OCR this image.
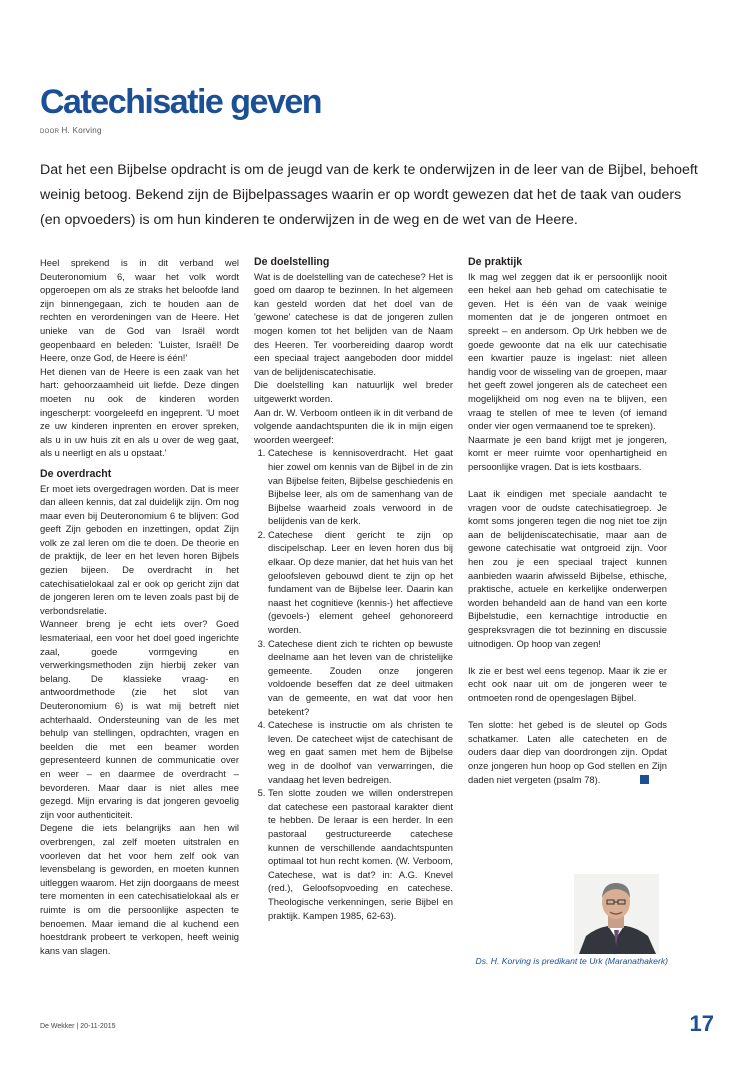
Catechisatie geven
DOOR H. Korving

Dat het een Bijbelse opdracht is om de jeugd van de kerk te onderwijzen in de leer van de Bijbel, behoeft weinig betoog. Bekend zijn de Bijbelpassages waarin er op wordt gewezen dat het de taak van ouders (en opvoeders) is om hun kinderen te onderwijzen in de weg en de wet van de Heere.

Heel sprekend is in dit verband wel Deuteronomium 6, waar het volk wordt opgeroepen om als ze straks het beloofde land zijn binnengegaan, zich te houden aan de rechten en verordeningen van de Heere. Het unieke van de God van Israël wordt geopenbaard en beleden: 'Luister, Israël! De Heere, onze God, de Heere is één!'

Het dienen van de Heere is een zaak van het hart: gehoorzaamheid uit liefde. Deze dingen moeten nu ook de kinderen worden ingescherpt: voorgeleefd en ingeprent. 'U moet ze uw kinderen inprenten en erover spreken, als u in uw huis zit en als u over de weg gaat, als u neerligt en als u opstaat.'

De overdracht

Er moet iets overgedragen worden. Dat is meer dan alleen kennis, dat zal duidelijk zijn. Om nog maar even bij Deuteronomium 6 te blijven: God geeft Zijn geboden en inzettingen, opdat Zijn volk ze zal leren om die te doen. De theorie en de praktijk, de leer en het leven horen Bijbels gezien bijeen. De overdracht in het catechisatielokaal zal er ook op gericht zijn dat de jongeren leren om te leven zoals past bij de verbondsrelatie.

Wanneer breng je echt iets over? Goed lesmateriaal, een voor het doel goed ingerichte zaal, goede vormgeving en verwerkingsmethoden zijn hierbij zeker van belang. De klassieke vraag- en antwoordmethode (zie het slot van Deuteronomium 6) is wat mij betreft niet achterhaald. Ondersteuning van de les met behulp van stellingen, opdrachten, vragen en beelden die met een beamer worden gepresenteerd kunnen de communicatie over en weer – en daarmee de overdracht – bevorderen. Maar daar is niet alles mee gezegd. Mijn ervaring is dat jongeren gevoelig zijn voor authenticiteit.

Degene die iets belangrijks aan hen wil overbrengen, zal zelf moeten uitstralen en voorleven dat het voor hem zelf ook van levensbelang is geworden, en moeten kunnen uitleggen waarom. Het zijn doorgaans de meest tere momenten in een catechisatielokaal als er ruimte is om die persoonlijke aspecten te benoemen. Maar iemand die al kuchend een hoestdrank probeert te verkopen, heeft weinig kans van slagen.

De doelstelling

Wat is de doelstelling van de catechese? Het is goed om daarop te bezinnen. In het algemeen kan gesteld worden dat het doel van de 'gewone' catechese is dat de jongeren zullen mogen komen tot het belijden van de Naam des Heeren. Ter voorbereiding daarop wordt een speciaal traject aangeboden door middel van de belijdeniscatechisatie.

Die doelstelling kan natuurlijk wel breder uitgewerkt worden.

Aan dr. W. Verboom ontleen ik in dit verband de volgende aandachtspunten die ik in mijn eigen woorden weergeef:

1. Catechese is kennisoverdracht. Het gaat hier zowel om kennis van de Bijbel in de zin van Bijbelse feiten, Bijbelse geschiedenis en Bijbelse leer, als om de samenhang van de Bijbelse waarheid zoals verwoord in de belijdenis van de kerk.
2. Catechese dient gericht te zijn op discipelschap. Leer en leven horen dus bij elkaar. Op deze manier, dat het huis van het geloofsleven gebouwd dient te zijn op het fundament van de Bijbelse leer. Daarin kan naast het cognitieve (kennis-) het affectieve (gevoels-) element geheel gehonoreerd worden.
3. Catechese dient zich te richten op bewuste deelname aan het leven van de christelijke gemeente. Zouden onze jongeren voldoende beseffen dat ze deel uitmaken van de gemeente, en wat dat voor hen betekent?
4. Catechese is instructie om als christen te leven. De catecheet wijst de catechisant de weg en gaat samen met hem de Bijbelse weg in de doolhof van verwarringen, die vandaag het leven bedreigen.
5. Ten slotte zouden we willen onderstrepen dat catechese een pastoraal karakter dient te hebben. De leraar is een herder. In een pastoraal gestructureerde catechese kunnen de verschillende aandachtspunten optimaal tot hun recht komen. (W. Verboom, Catechese, wat is dat? in: A.G. Knevel (red.), Geloofsopvoeding en catechese. Theologische verkenningen, serie Bijbel en praktijk. Kampen 1985, 62-63).
De praktijk

Ik mag wel zeggen dat ik er persoonlijk nooit een hekel aan heb gehad om catechisatie te geven. Het is één van de vaak weinige momenten dat je de jongeren ontmoet en spreekt – en andersom. Op Urk hebben we de goede gewoonte dat na elk uur catechisatie een kwartier pauze is ingelast: niet alleen handig voor de wisseling van de groepen, maar het geeft zowel jongeren als de catecheet een mogelijkheid om nog even na te blijven, een vraag te stellen of mee te leven (of iemand onder vier ogen vermaanend toe te spreken).

Naarmate je een band krijgt met je jongeren, komt er meer ruimte voor openhartigheid en persoonlijke vragen. Dat is iets kostbaars.

Laat ik eindigen met speciale aandacht te vragen voor de oudste catechisatiegroep. Je komt soms jongeren tegen die nog niet toe zijn aan de belijdeniscatechisatie, maar aan de gewone catechisatie wat ontgroeid zijn. Voor hen zou je een speciaal traject kunnen aanbieden waarin afwisseld Bijbelse, ethische, praktische, actuele en kerkelijke onderwerpen worden behandeld aan de hand van een korte Bijbelstudie, een kernachtige introductie en gespreksvragen die tot bezinning en discussie uitnodigen. Op hoop van zegen!

Ik zie er best wel eens tegenop. Maar ik zie er echt ook naar uit om de jongeren weer te ontmoeten rond de opengeslagen Bijbel.

Ten slotte: het gebed is de sleutel op Gods schatkamer. Laten alle catecheten en de ouders daar diep van doordrongen zijn. Opdat onze jongeren hun hoop op God stellen en Zijn daden niet vergeten (psalm 78).

Ds. H. Korving is predikant te Urk (Maranathakerk)
De Wekker | 20-11-2015	17
